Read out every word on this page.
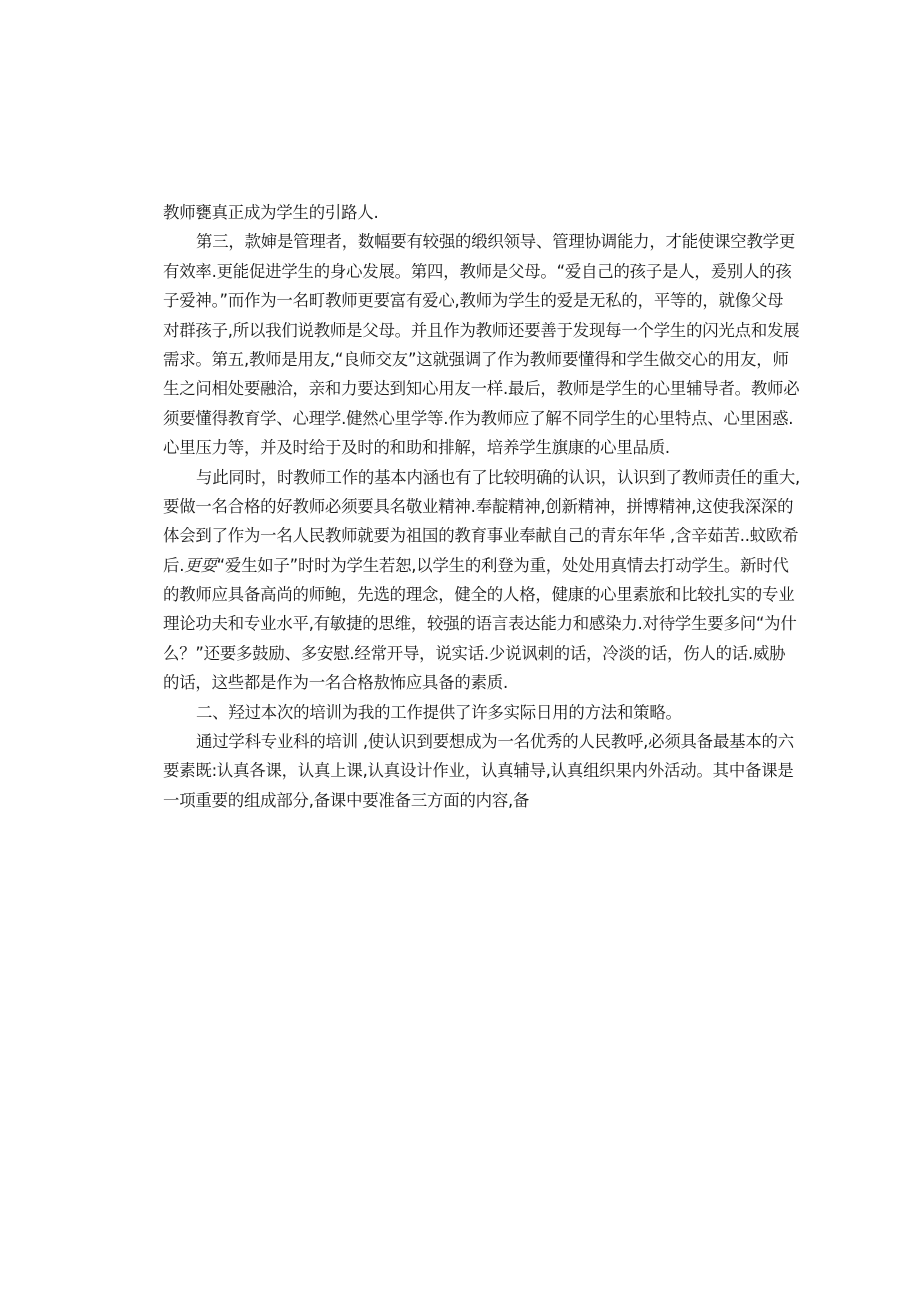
教师甕真正成为学生的引路人.
第三，款婶是管理者，数幅要有较强的缎织领导、管理协调能力，才能使课空教学更
有效率.更能促进学生的身心发展。第四，教师是父母。“爱自己的孩子是人，爰别人的孩
子爱神。”而作为一名町教师更要富有爱心,教师为学生的爱是无私的，平等的，就像父母
对群孩子,所以我们说教师是父母。并且作为教师还要善于发现每一个学生的闪光点和发展
需求。第五,教师是用友,“良师交友”这就强调了作为教师要懂得和学生做交心的用友，师
生之问相处要融洽，亲和力要达到知心用友一样.最后，教师是学生的心里辅导者。教师必
须要懂得教育学、心理学.健然心里学等.作为教师应了解不同学生的心里特点、心里困惑.
心里压力等，并及时给于及时的和助和排解，培养学生旗康的心里品质.
与此同时，时教师工作的基本内涵也有了比较明确的认识，认识到了教师责任的重大,
要做一名合格的好教师必须要具名敬业精神.奉靛精神,创新精神，拼博精神,这使我深深的
体会到了作为一名人民教师就要为祖国的教育事业奉献自己的青东年华 ,含辛茹苦..蚊欧希
后.更耍“爱生如子”时时为学生若恕,以学生的利登为重，处处用真情去打动学生。新时代
的教师应具备高尚的师鲍，先选的理念，健全的人格，健康的心里素旅和比较扎实的专业
理论功夫和专业水平,有敏捷的思维，较强的语言表达能力和感染力.对待学生要多问“为什
么？”还要多鼓励、多安慰.经常开导，说实话.少说讽刺的话，冷淡的话，伤人的话.威胁
的话，这些都是作为一名合格敖怖应具备的素质.
二、羟过本次的培训为我的工作提供了许多实际日用的方法和策略。
通过学科专业科的培训 ,使认识到要想成为一名优秀的人民教呼,必须具备最基本的六
要素既:认真各课，认真上课,认真设计作业，认真辅导,认真组织果内外活动。其中备课是
一项重要的组成部分,备课中要准备三方面的内容,备
